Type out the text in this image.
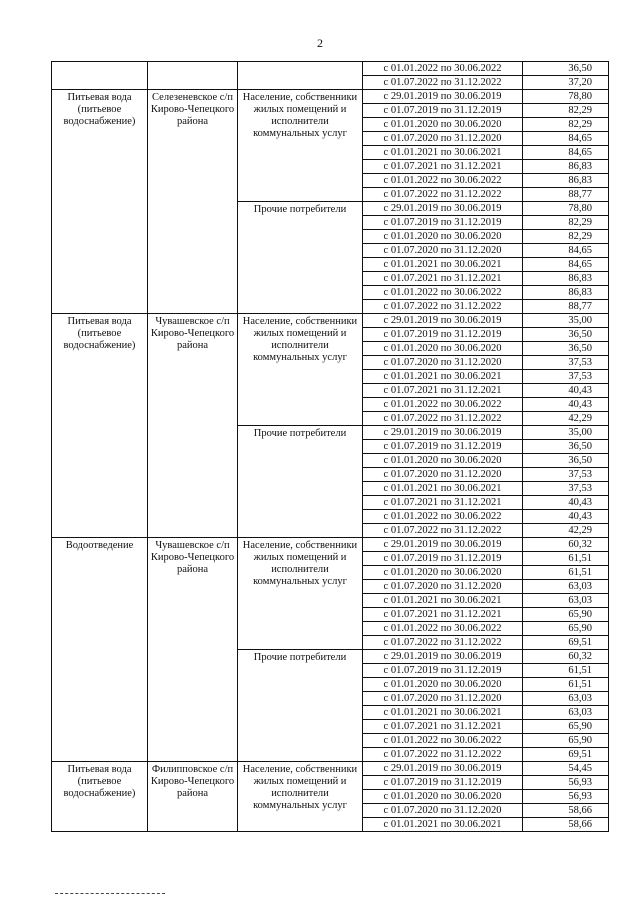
2
			с 01.01.2022 по 30.06.2022	36,50
			с 01.07.2022 по 31.12.2022	37,20
Питьевая вода (питьевое водоснабжение)	Селезеневское с/п Кирово-Чепецкого района	Население, собственники жилых помещений и исполнители коммунальных услуг	с 29.01.2019 по 30.06.2019	78,80
			с 01.07.2019 по 31.12.2019	82,29
			с 01.01.2020 по 30.06.2020	82,29
			с 01.07.2020 по 31.12.2020	84,65
			с 01.01.2021 по 30.06.2021	84,65
			с 01.07.2021 по 31.12.2021	86,83
			с 01.01.2022 по 30.06.2022	86,83
			с 01.07.2022 по 31.12.2022	88,77
		Прочие потребители	с 29.01.2019 по 30.06.2019	78,80
			с 01.07.2019 по 31.12.2019	82,29
			с 01.01.2020 по 30.06.2020	82,29
			с 01.07.2020 по 31.12.2020	84,65
			с 01.01.2021 по 30.06.2021	84,65
			с 01.07.2021 по 31.12.2021	86,83
			с 01.01.2022 по 30.06.2022	86,83
			с 01.07.2022 по 31.12.2022	88,77
Питьевая вода (питьевое водоснабжение)	Чувашевское с/п Кирово-Чепецкого района	Население, собственники жилых помещений и исполнители коммунальных услуг	с 29.01.2019 по 30.06.2019	35,00
			с 01.07.2019 по 31.12.2019	36,50
			с 01.01.2020 по 30.06.2020	36,50
			с 01.07.2020 по 31.12.2020	37,53
			с 01.01.2021 по 30.06.2021	37,53
			с 01.07.2021 по 31.12.2021	40,43
			с 01.01.2022 по 30.06.2022	40,43
			с 01.07.2022 по 31.12.2022	42,29
		Прочие потребители	с 29.01.2019 по 30.06.2019	35,00
			с 01.07.2019 по 31.12.2019	36,50
			с 01.01.2020 по 30.06.2020	36,50
			с 01.07.2020 по 31.12.2020	37,53
			с 01.01.2021 по 30.06.2021	37,53
			с 01.07.2021 по 31.12.2021	40,43
			с 01.01.2022 по 30.06.2022	40,43
			с 01.07.2022 по 31.12.2022	42,29
Водоотведение	Чувашевское с/п Кирово-Чепецкого района	Население, собственники жилых помещений и исполнители коммунальных услуг	с 29.01.2019 по 30.06.2019	60,32
			с 01.07.2019 по 31.12.2019	61,51
			с 01.01.2020 по 30.06.2020	61,51
			с 01.07.2020 по 31.12.2020	63,03
			с 01.01.2021 по 30.06.2021	63,03
			с 01.07.2021 по 31.12.2021	65,90
			с 01.01.2022 по 30.06.2022	65,90
			с 01.07.2022 по 31.12.2022	69,51
		Прочие потребители	с 29.01.2019 по 30.06.2019	60,32
			с 01.07.2019 по 31.12.2019	61,51
			с 01.01.2020 по 30.06.2020	61,51
			с 01.07.2020 по 31.12.2020	63,03
			с 01.01.2021 по 30.06.2021	63,03
			с 01.07.2021 по 31.12.2021	65,90
			с 01.01.2022 по 30.06.2022	65,90
			с 01.07.2022 по 31.12.2022	69,51
Питьевая вода (питьевое водоснабжение)	Филипповское с/п Кирово-Чепецкого района	Население, собственники жилых помещений и исполнители коммунальных услуг	с 29.01.2019 по 30.06.2019	54,45
			с 01.07.2019 по 31.12.2019	56,93
			с 01.01.2020 по 30.06.2020	56,93
			с 01.07.2020 по 31.12.2020	58,66
			с 01.01.2021 по 30.06.2021	58,66
